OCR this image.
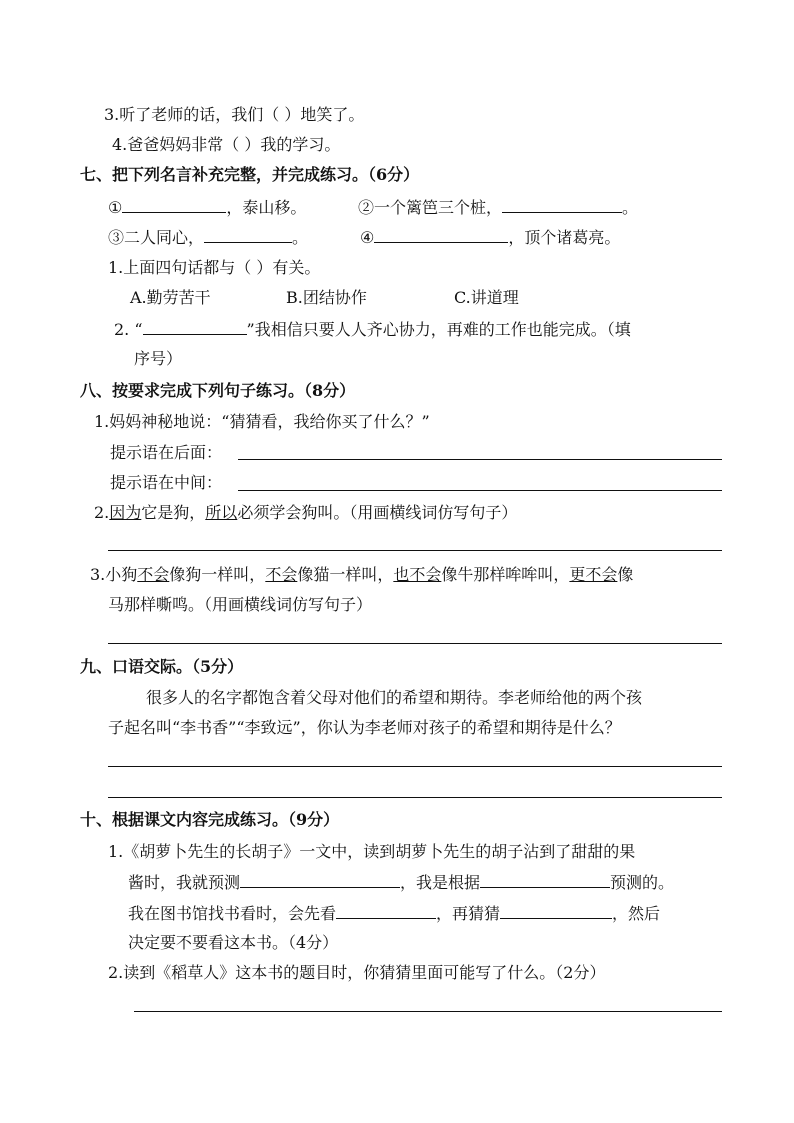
3.听了老师的话，我们（ ）地笑了。
4.爸爸妈妈非常（ ）我的学习。
七、把下列名言补充完整，并完成练习。（6分）
①	，泰山移。	②一个篱笆三个桩，	。
③二人同心，	。	④	，顶个诸葛亮。
1.上面四句话都与（ ）有关。
A.勤劳苦干	B.团结协作	C.讲道理
2. “	”我相信只要人人齐心协力，再难的工作也能完成。（填
序号）
八、按要求完成下列句子练习。（8分）
1.妈妈神秘地说：“猜猜看，我给你买了什么？”
提示语在后面：
提示语在中间：
2.因为它是狗，所以必须学会狗叫。（用画横线词仿写句子）
3.小狗不会像狗一样叫，不会像猫一样叫，也不会像牛那样哞哞叫，更不会像
马那样嘶鸣。（用画横线词仿写句子）
九、口语交际。（5分）
很多人的名字都饱含着父母对他们的希望和期待。李老师给他的两个孩
子起名叫“李书香”“李致远”，你认为李老师对孩子的希望和期待是什么？
十、根据课文内容完成练习。（9分）
1.《胡萝卜先生的长胡子》一文中，读到胡萝卜先生的胡子沾到了甜甜的果
酱时，我就预测	，我是根据	预测的。
我在图书馆找书看时，会先看	，再猜猜	，然后
决定要不要看这本书。（4分）
2.读到《稻草人》这本书的题目时，你猜猜里面可能写了什么。（2分）
